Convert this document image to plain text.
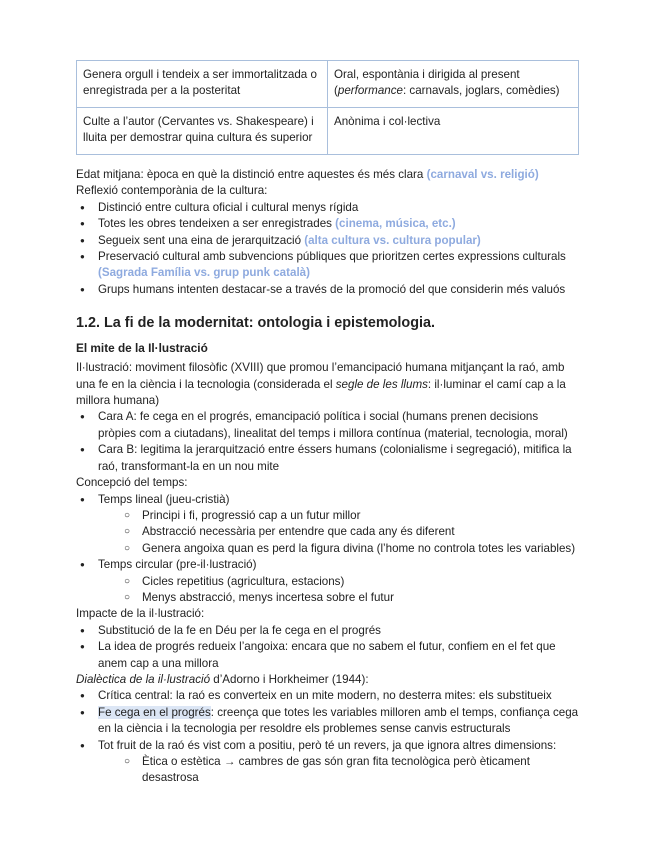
Genera orgull i tendeix a ser immortalitzada o enregistrada per a la posteritat	Oral, espontània i dirigida al present (performance: carnavals, joglars, comèdies)
Culte a l’autor (Cervantes vs. Shakespeare) i lluita per demostrar quina cultura és superior	Anònima i col·lectiva

Edat mitjana: època en què la distinció entre aquestes és més clara (carnaval vs. religió)

Reflexió contemporània de la cultura:

● Distinció entre cultura oficial i cultural menys rígida
● Totes les obres tendeixen a ser enregistrades (cinema, música, etc.)
● Segueix sent una eina de jerarquització (alta cultura vs. cultura popular)
● Preservació cultural amb subvencions públiques que prioritzen certes expressions culturals (Sagrada Família vs. grup punk català)
● Grups humans intenten destacar-se a través de la promoció del que considerin més valuós
1.2. La fi de la modernitat: ontologia i epistemologia.
El mite de la Il·lustració

Il·lustració: moviment filosòfic (XVIII) que promou l’emancipació humana mitjançant la raó, amb una fe en la ciència i la tecnologia (considerada el segle de les llums: il·luminar el camí cap a la millora humana)

● Cara A: fe cega en el progrés, emancipació política i social (humans prenen decisions pròpies com a ciutadans), linealitat del temps i millora contínua (material, tecnologia, moral)
● Cara B: legitima la jerarquització entre éssers humans (colonialisme i segregació), mitifica la raó, transformant-la en un nou mite

Concepció del temps:

● Temps lineal (jueu-cristià)
○ Principi i fi, progressió cap a un futur millor
○ Abstracció necessària per entendre que cada any és diferent
○ Genera angoixa quan es perd la figura divina (l’home no controla totes les variables)
● Temps circular (pre-il·lustració)
○ Cicles repetitius (agricultura, estacions)
○ Menys abstracció, menys incertesa sobre el futur

Impacte de la il·lustració:

● Substitució de la fe en Déu per la fe cega en el progrés
● La idea de progrés redueix l’angoixa: encara que no sabem el futur, confiem en el fet que anem cap a una millora

Dialèctica de la il·lustració d’Adorno i Horkheimer (1944):

● Crítica central: la raó es converteix en un mite modern, no desterra mites: els substitueix
● Fe cega en el progrés: creença que totes les variables milloren amb el temps, confiança cega en la ciència i la tecnologia per resoldre els problemes sense canvis estructurals
● Tot fruit de la raó és vist com a positiu, però té un revers, ja que ignora altres dimensions:
○ Ètica o estètica → cambres de gas són gran fita tecnològica però èticament desastrosa
